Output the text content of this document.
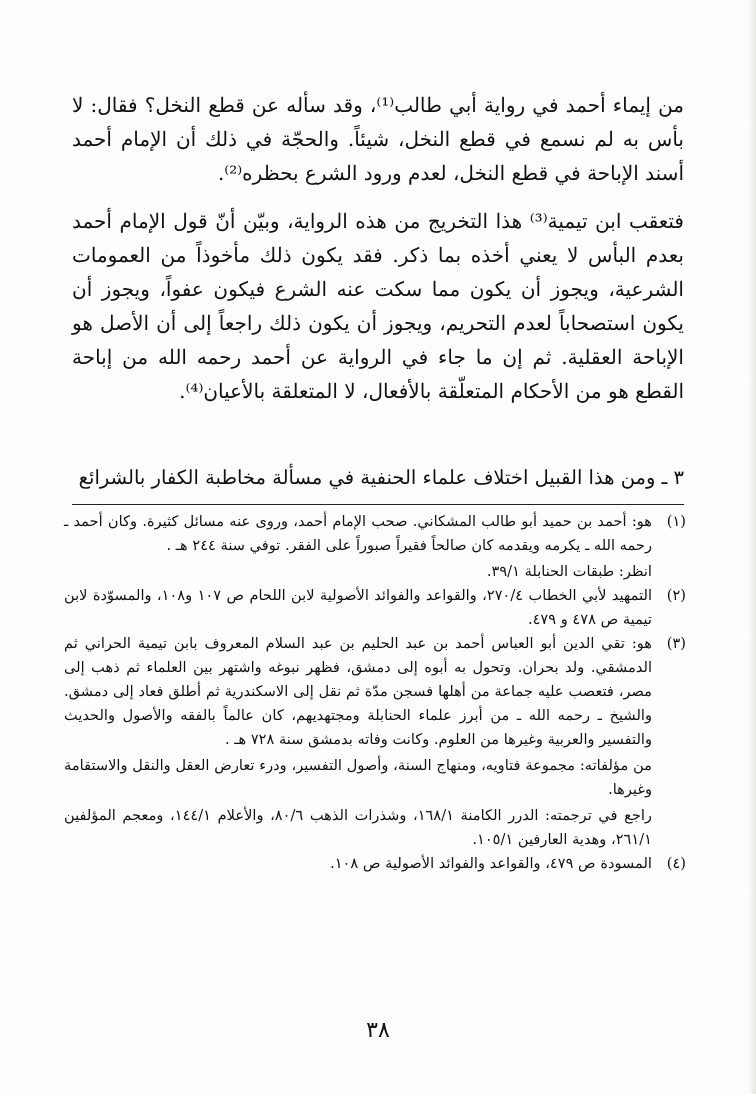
من إيماء أحمد في رواية أبي طالب⁽¹⁾، وقد سأله عن قطع النخل؟ فقال: لا بأس به لم نسمع في قطع النخل، شيئاً. والحجّة في ذلك أن الإمام أحمد أسند الإباحة في قطع النخل، لعدم ورود الشرع بحظره⁽²⁾.

فتعقب ابن تيمية⁽³⁾ هذا التخريج من هذه الرواية، وبيّن أنّ قول الإمام أحمد بعدم البأس لا يعني أخذه بما ذكر. فقد يكون ذلك مأخوذاً من العمومات الشرعية، ويجوز أن يكون مما سكت عنه الشرع فيكون عفواً، ويجوز أن يكون استصحاباً لعدم التحريم، ويجوز أن يكون ذلك راجعاً إلى أن الأصل هو الإباحة العقلية. ثم إن ما جاء في الرواية عن أحمد رحمه الله من إباحة القطع هو من الأحكام المتعلّقة بالأفعال، لا المتعلقة بالأعيان⁽⁴⁾.

٣ ـ ومن هذا القبيل اختلاف علماء الحنفية في مسألة مخاطبة الكفار بالشرائع
(١)

هو: أحمد بن حميد أبو طالب المشكاني. صحب الإمام أحمد، وروى عنه مسائل كثيرة. وكان أحمد ـ رحمه الله ـ يكرمه ويقدمه كان صالحاً فقيراً صبوراً على الفقر. توفي سنة ٢٤٤ هـ .

انظر: طبقات الحنابلة ٣٩/١.

(٢)

التمهيد لأبي الخطاب ٢٧٠/٤، والقواعد والفوائد الأصولية لابن اللحام ص ١٠٧ و١٠٨، والمسوّدة لابن تيمية ص ٤٧٨ و ٤٧٩.

(٣)

هو: تقي الدين أبو العباس أحمد بن عبد الحليم بن عبد السلام المعروف بابن تيمية الحراني ثم الدمشقي. ولد بحران. وتحول به أبوه إلى دمشق، فظهر نبوغه واشتهر بين العلماء ثم ذهب إلى مصر، فتعصب عليه جماعة من أهلها فسجن مدّة ثم نقل إلى الاسكندرية ثم أطلق فعاد إلى دمشق. والشيخ ـ رحمه الله ـ من أبرز علماء الحنابلة ومجتهديهم، كان عالماً بالفقه والأصول والحديث والتفسير والعربية وغيرها من العلوم. وكانت وفاته بدمشق سنة ٧٢٨ هـ .

من مؤلفاته: مجموعة فتاويه، ومنهاج السنة، وأصول التفسير، ودرء تعارض العقل والنقل والاستقامة وغيرها.

راجع في ترجمته: الدرر الكامنة ١٦٨/١، وشذرات الذهب ٨٠/٦، والأعلام ١٤٤/١، ومعجم المؤلفين ٢٦١/١، وهدية العارفين ١٠٥/١.

(٤)

المسودة ص ٤٧٩، والقواعد والفوائد الأصولية ص ١٠٨.

٣٨
